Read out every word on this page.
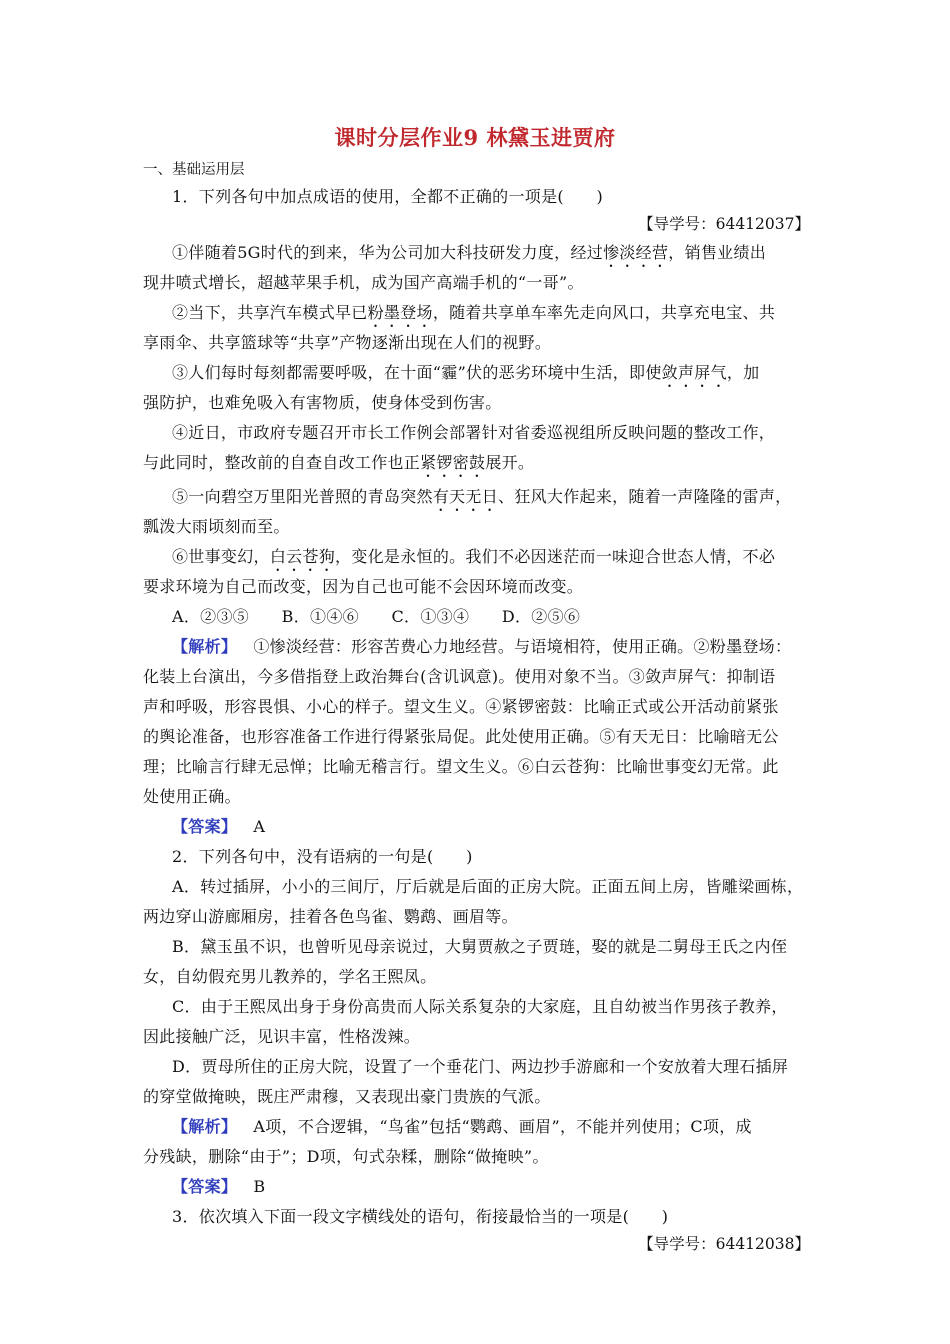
课时分层作业9 林黛玉进贾府
一、基础运用层
1．下列各句中加点成语的使用，全都不正确的一项是(　　)
【导学号：64412037】
①伴随着5G时代的到来，华为公司加大科技研发力度，经过惨淡经营，销售业绩出
现井喷式增长，超越苹果手机，成为国产高端手机的“一哥”。
②当下，共享汽车模式早已粉墨登场，随着共享单车率先走向风口，共享充电宝、共
享雨伞、共享篮球等“共享”产物逐渐出现在人们的视野。
③人们每时每刻都需要呼吸，在十面“霾”伏的恶劣环境中生活，即使敛声屏气，加
强防护，也难免吸入有害物质，使身体受到伤害。
④近日，市政府专题召开市长工作例会部署针对省委巡视组所反映问题的整改工作，
与此同时，整改前的自查自改工作也正紧锣密鼓展开。
⑤一向碧空万里阳光普照的青岛突然有天无日、狂风大作起来，随着一声隆隆的雷声，
瓢泼大雨顷刻而至。
⑥世事变幻，白云苍狗，变化是永恒的。我们不必因迷茫而一味迎合世态人情，不必
要求环境为自己而改变，因为自己也可能不会因环境而改变。
A．②③⑤　　B．①④⑥　　C．①③④　　D．②⑤⑥
【解析】 ①惨淡经营：形容苦费心力地经营。与语境相符，使用正确。②粉墨登场：
化装上台演出，今多借指登上政治舞台(含讥讽意)。使用对象不当。③敛声屏气：抑制语
声和呼吸，形容畏惧、小心的样子。望文生义。④紧锣密鼓：比喻正式或公开活动前紧张
的舆论准备，也形容准备工作进行得紧张局促。此处使用正确。⑤有天无日：比喻暗无公
理；比喻言行肆无忌惮；比喻无稽言行。望文生义。⑥白云苍狗：比喻世事变幻无常。此
处使用正确。
【答案】 A
2．下列各句中，没有语病的一句是(　　)
A．转过插屏，小小的三间厅，厅后就是后面的正房大院。正面五间上房，皆雕梁画栋，
两边穿山游廊厢房，挂着各色鸟雀、鹦鹉、画眉等。
B．黛玉虽不识，也曾听见母亲说过，大舅贾赦之子贾琏，娶的就是二舅母王氏之内侄
女，自幼假充男儿教养的，学名王熙凤。
C．由于王熙凤出身于身份高贵而人际关系复杂的大家庭，且自幼被当作男孩子教养，
因此接触广泛，见识丰富，性格泼辣。
D．贾母所住的正房大院，设置了一个垂花门、两边抄手游廊和一个安放着大理石插屏
的穿堂做掩映，既庄严肃穆，又表现出豪门贵族的气派。
【解析】 A项，不合逻辑，“鸟雀”包括“鹦鹉、画眉”，不能并列使用；C项，成
分残缺，删除“由于”；D项，句式杂糅，删除“做掩映”。
【答案】 B
3．依次填入下面一段文字横线处的语句，衔接最恰当的一项是(　　)
【导学号：64412038】
